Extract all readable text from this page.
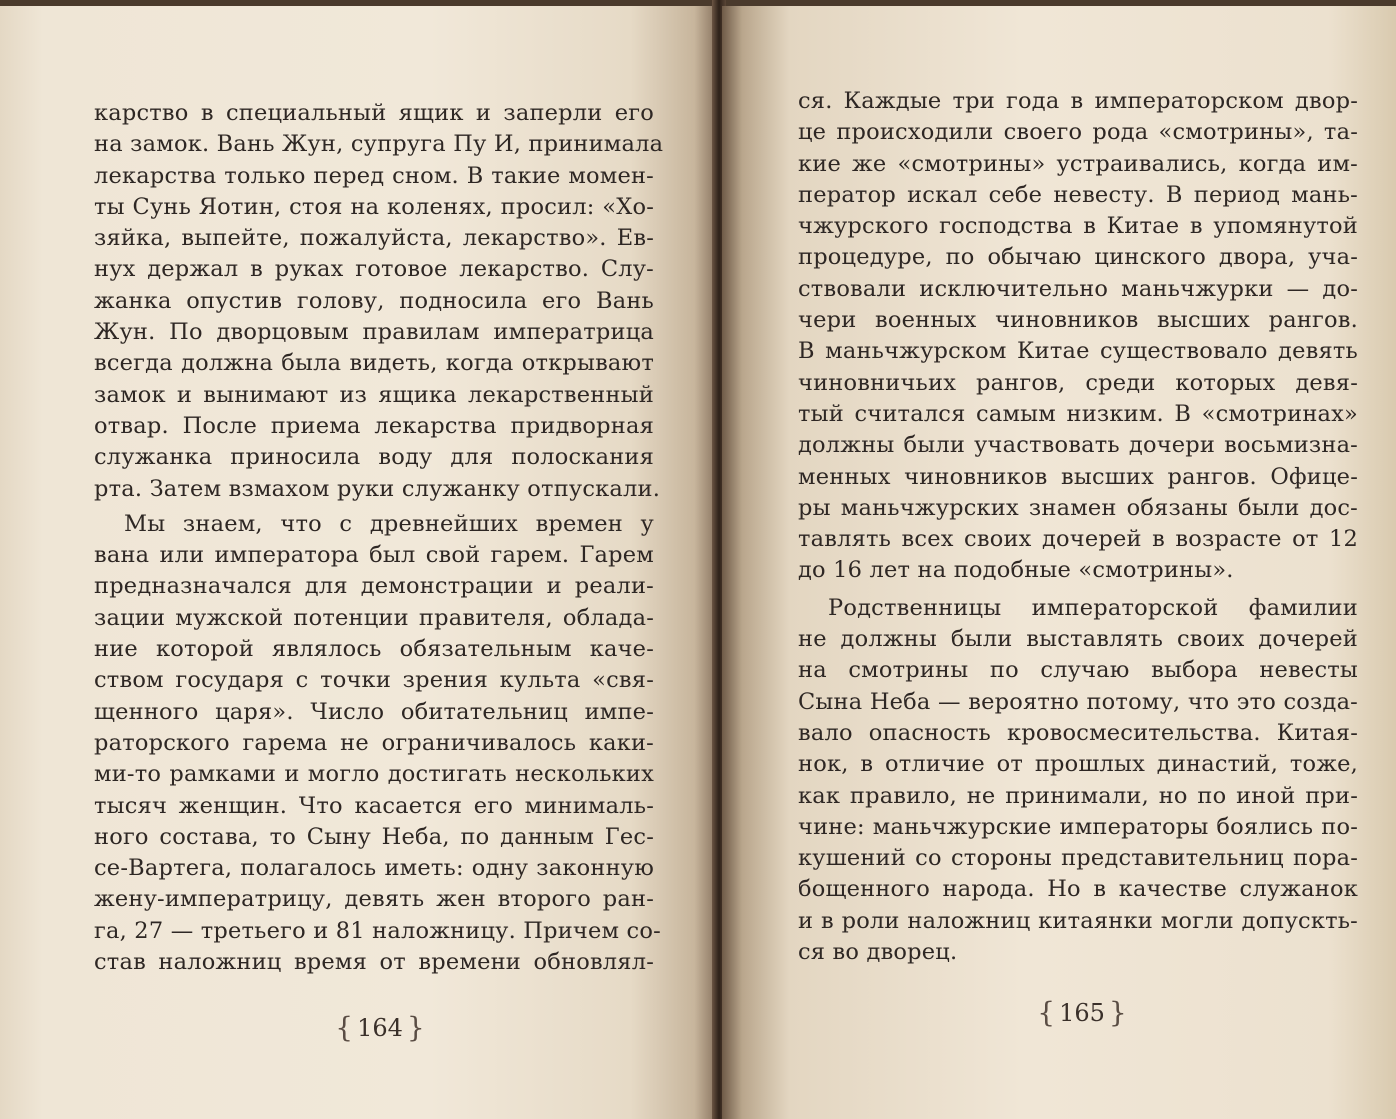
карство в специальный ящик и заперли его
на замок. Вань Жун, супруга Пу И, принимала
лекарства только перед сном. В такие момен-
ты Сунь Яотин, стоя на коленях, просил: «Хо-
зяйка, выпейте, пожалуйста, лекарство». Ев-
нух держал в руках готовое лекарство. Слу-
жанка опустив голову, подносила его Вань
Жун. По дворцовым правилам императрица
всегда должна была видеть, когда открывают
замок и вынимают из ящика лекарственный
отвар. После приема лекарства придворная
служанка приносила воду для полоскания
рта. Затем взмахом руки служанку отпускали.

Мы знаем, что с древнейших времен у
вана или императора был свой гарем. Гарем
предназначался для демонстрации и реали-
зации мужской потенции правителя, облада-
ние которой являлось обязательным каче-
ством государя с точки зрения культа «свя-
щенного царя». Число обитательниц импе-
раторского гарема не ограничивалось каки-
ми-то рамками и могло достигать нескольких
тысяч женщин. Что касается его минималь-
ного состава, то Сыну Неба, по данным Гес-
се-Вартега, полагалось иметь: одну законную
жену-императрицу, девять жен второго ран-
га, 27 — третьего и 81 наложницу. Причем со-
став наложниц время от времени обновлял-

{ 164 }

ся. Каждые три года в императорском двор-
це происходили своего рода «смотрины», та-
кие же «смотрины» устраивались, когда им-
ператор искал себе невесту. В период мань-
чжурского господства в Китае в упомянутой
процедуре, по обычаю цинского двора, уча-
ствовали исключительно маньчжурки — до-
чери военных чиновников высших рангов.
В маньчжурском Китае существовало девять
чиновничьих рангов, среди которых девя-
тый считался самым низким. В «смотринах»
должны были участвовать дочери восьмизна-
менных чиновников высших рангов. Офице-
ры маньчжурских знамен обязаны были дос-
тавлять всех своих дочерей в возрасте от 12
до 16 лет на подобные «смотрины».

Родственницы императорской фамилии
не должны были выставлять своих дочерей
на смотрины по случаю выбора невесты
Сына Неба — вероятно потому, что это созда-
вало опасность кровосмесительства. Китая-
нок, в отличие от прошлых династий, тоже,
как правило, не принимали, но по иной при-
чине: маньчжурские императоры боялись по-
кушений со стороны представительниц пора-
бощенного народа. Но в качестве служанок
и в роли наложниц китаянки могли допускть-
ся во дворец.

{ 165 }
